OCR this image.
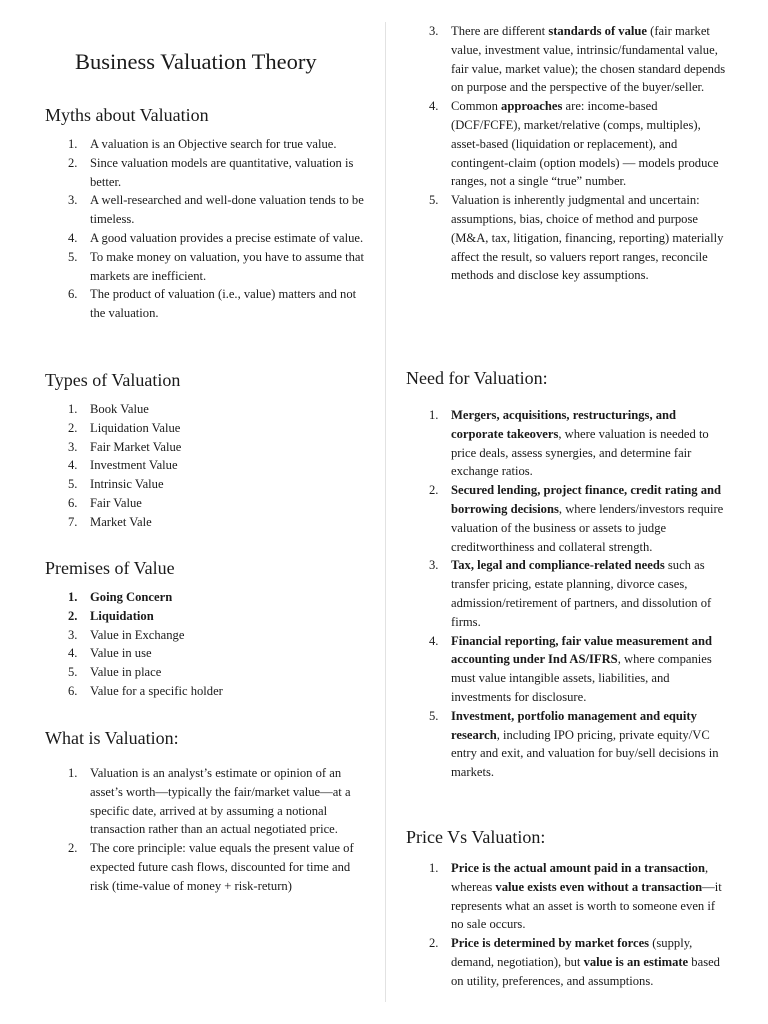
Business Valuation Theory
Myths about Valuation
1. A valuation is an Objective search for true value.
2. Since valuation models are quantitative, valuation is better.
3. A well-researched and well-done valuation tends to be timeless.
4. A good valuation provides a precise estimate of value.
5. To make money on valuation, you have to assume that markets are inefficient.
6. The product of valuation (i.e., value) matters and not the valuation.
Types of Valuation
1. Book Value
2. Liquidation Value
3. Fair Market Value
4. Investment Value
5. Intrinsic Value
6. Fair Value
7. Market Vale
Premises of Value
1. Going Concern
2. Liquidation
3. Value in Exchange
4. Value in use
5. Value in place
6. Value for a specific holder
What is Valuation:
1. Valuation is an analyst’s estimate or opinion of an asset’s worth—typically the fair/market value—at a specific date, arrived at by assuming a notional transaction rather than an actual negotiated price.
2. The core principle: value equals the present value of expected future cash flows, discounted for time and risk (time-value of money + risk-return)
3. There are different standards of value (fair market value, investment value, intrinsic/fundamental value, fair value, market value); the chosen standard depends on purpose and the perspective of the buyer/seller.
4. Common approaches are: income-based (DCF/FCFE), market/relative (comps, multiples), asset-based (liquidation or replacement), and contingent-claim (option models) — models produce ranges, not a single “true” number.
5. Valuation is inherently judgmental and uncertain: assumptions, bias, choice of method and purpose (M&A, tax, litigation, financing, reporting) materially affect the result, so valuers report ranges, reconcile methods and disclose key assumptions.
Need for Valuation:
1. Mergers, acquisitions, restructurings, and corporate takeovers, where valuation is needed to price deals, assess synergies, and determine fair exchange ratios.
2. Secured lending, project finance, credit rating and borrowing decisions, where lenders/investors require valuation of the business or assets to judge creditworthiness and collateral strength.
3. Tax, legal and compliance-related needs such as transfer pricing, estate planning, divorce cases, admission/retirement of partners, and dissolution of firms.
4. Financial reporting, fair value measurement and accounting under Ind AS/IFRS, where companies must value intangible assets, liabilities, and investments for disclosure.
5. Investment, portfolio management and equity research, including IPO pricing, private equity/VC entry and exit, and valuation for buy/sell decisions in markets.
Price Vs Valuation:
1. Price is the actual amount paid in a transaction, whereas value exists even without a transaction—it represents what an asset is worth to someone even if no sale occurs.
2. Price is determined by market forces (supply, demand, negotiation), but value is an estimate based on utility, preferences, and assumptions.
